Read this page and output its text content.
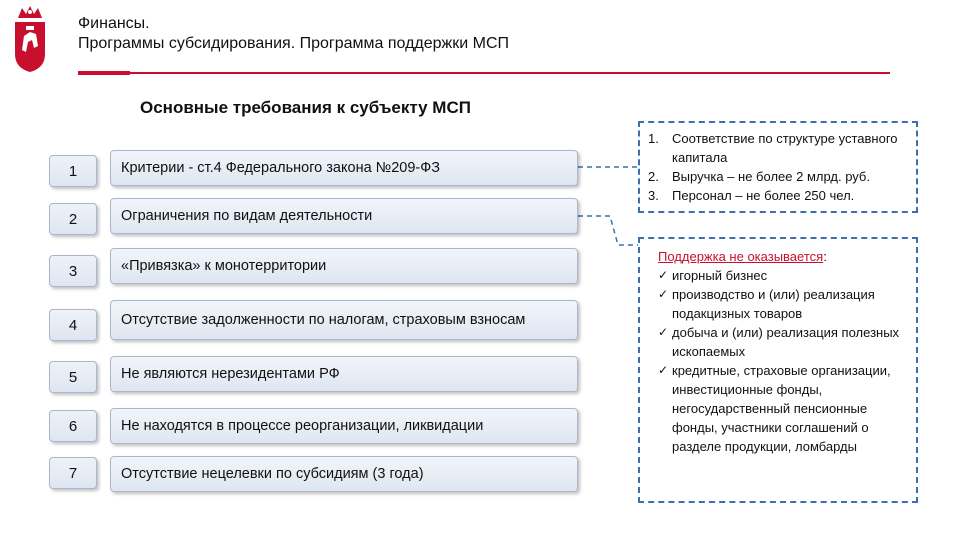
Финансы.
Программы субсидирования. Программа поддержки МСП
Основные требования к субъекту МСП
1	Критерии - ст.4 Федерального закона №209-ФЗ
2	Ограничения по видам деятельности
3	«Привязка» к монотерритории
4	Отсутствие задолженности по налогам, страховым взносам
5	Не являются нерезидентами РФ
6	Не находятся в процессе реорганизации, ликвидации
7	Отсутствие нецелевки по субсидиям (3 года)
1.	Соответствие по структуре уставного капитала
2.	Выручка – не более 2 млрд. руб.
3.	Персонал – не более 250 чел.
Поддержка не оказывается:
✓ игорный бизнес
✓ производство и (или) реализация подакцизных товаров
✓ добыча и (или) реализация полезных ископаемых
✓ кредитные, страховые организации, инвестиционные фонды, негосударственный пенсионные фонды, участники соглашений о разделе продукции, ломбарды
